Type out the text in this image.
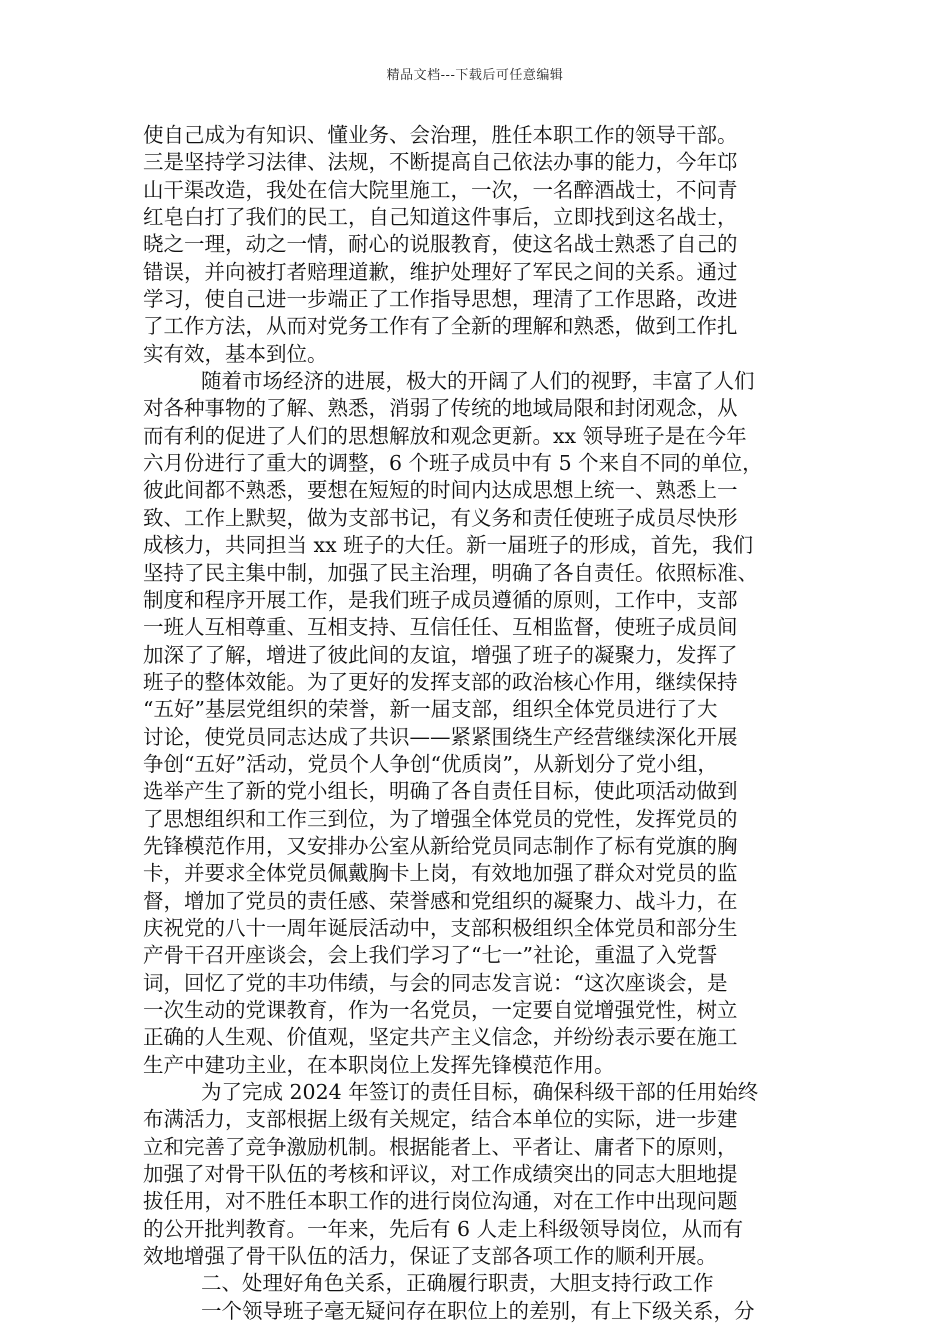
精品文档---下载后可任意编辑
使自己成为有知识、懂业务、会治理，胜任本职工作的领导干部。
三是坚持学习法律、法规，不断提高自己依法办事的能力，今年邙
山干渠改造，我处在信大院里施工，一次，一名醉酒战士，不问青
红皂白打了我们的民工，自己知道这件事后，立即找到这名战士，
晓之一理，动之一情，耐心的说服教育，使这名战士熟悉了自己的
错误，并向被打者赔理道歉，维护处理好了军民之间的关系。通过
学习，使自己进一步端正了工作指导思想，理清了工作思路，改进
了工作方法，从而对党务工作有了全新的理解和熟悉，做到工作扎
实有效，基本到位。
随着市场经济的进展，极大的开阔了人们的视野，丰富了人们
对各种事物的了解、熟悉，消弱了传统的地域局限和封闭观念，从
而有利的促进了人们的思想解放和观念更新。xx 领导班子是在今年
六月份进行了重大的调整，6 个班子成员中有 5 个来自不同的单位，
彼此间都不熟悉，要想在短短的时间内达成思想上统一、熟悉上一
致、工作上默契，做为支部书记，有义务和责任使班子成员尽快形
成核力，共同担当 xx 班子的大任。新一届班子的形成，首先，我们
坚持了民主集中制，加强了民主治理，明确了各自责任。依照标准、
制度和程序开展工作，是我们班子成员遵循的原则，工作中，支部
一班人互相尊重、互相支持、互信任任、互相监督，使班子成员间
加深了了解，增进了彼此间的友谊，增强了班子的凝聚力，发挥了
班子的整体效能。为了更好的发挥支部的政治核心作用，继续保持
“五好”基层党组织的荣誉，新一届支部，组织全体党员进行了大
讨论，使党员同志达成了共识——紧紧围绕生产经营继续深化开展
争创“五好”活动，党员个人争创“优质岗”，从新划分了党小组，
选举产生了新的党小组长，明确了各自责任目标，使此项活动做到
了思想组织和工作三到位，为了增强全体党员的党性，发挥党员的
先锋模范作用，又安排办公室从新给党员同志制作了标有党旗的胸
卡，并要求全体党员佩戴胸卡上岗，有效地加强了群众对党员的监
督，增加了党员的责任感、荣誉感和党组织的凝聚力、战斗力，在
庆祝党的八十一周年诞辰活动中，支部积极组织全体党员和部分生
产骨干召开座谈会，会上我们学习了“七一”社论，重温了入党誓
词，回忆了党的丰功伟绩，与会的同志发言说：“这次座谈会，是
一次生动的党课教育，作为一名党员，一定要自觉增强党性，树立
正确的人生观、价值观，坚定共产主义信念，并纷纷表示要在施工
生产中建功主业，在本职岗位上发挥先锋模范作用。
为了完成 2024 年签订的责任目标，确保科级干部的任用始终
布满活力，支部根据上级有关规定，结合本单位的实际，进一步建
立和完善了竞争激励机制。根据能者上、平者让、庸者下的原则，
加强了对骨干队伍的考核和评议，对工作成绩突出的同志大胆地提
拔任用，对不胜任本职工作的进行岗位沟通，对在工作中出现问题
的公开批判教育。一年来，先后有 6 人走上科级领导岗位，从而有
效地增强了骨干队伍的活力，保证了支部各项工作的顺利开展。
二、处理好角色关系，正确履行职责，大胆支持行政工作
一个领导班子毫无疑问存在职位上的差别，有上下级关系，分
